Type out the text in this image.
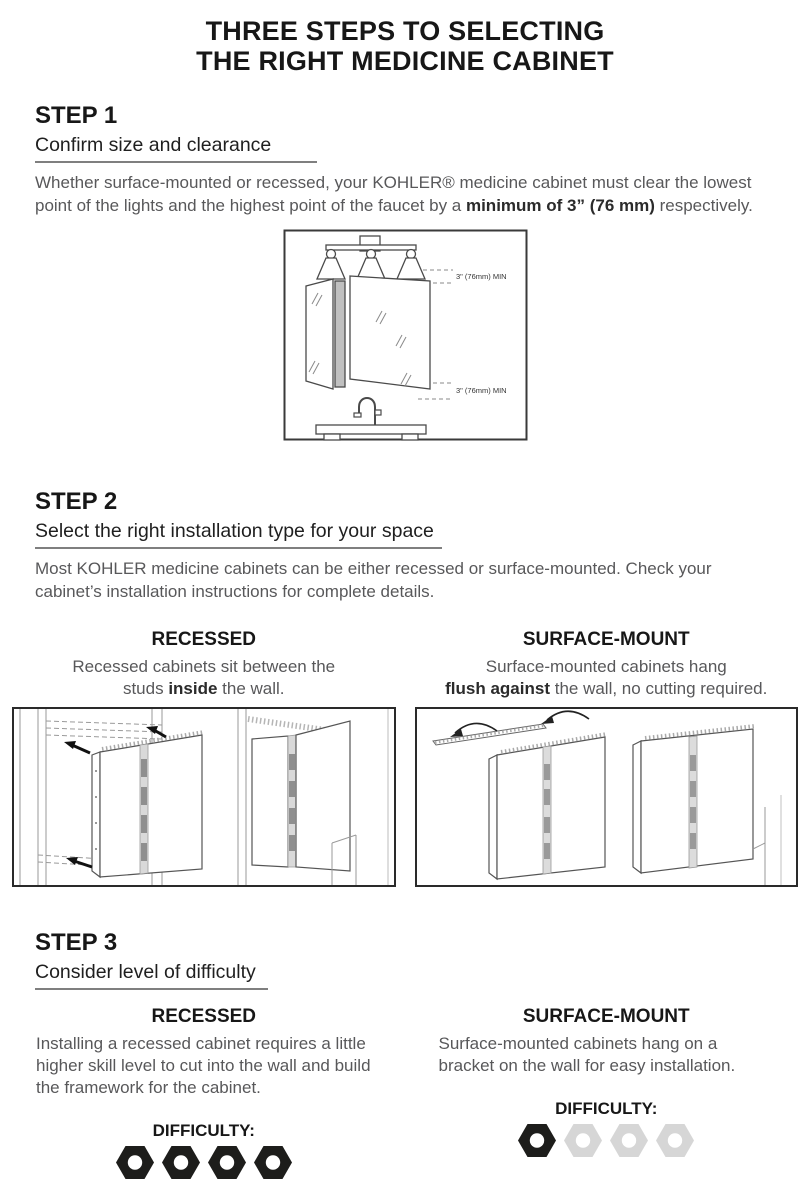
THREE STEPS TO SELECTING
THE RIGHT MEDICINE CABINET
STEP 1
Confirm size and clearance

Whether surface-mounted or recessed, your KOHLER® medicine cabinet must clear the lowest
point of the lights and the highest point of the faucet by a minimum of 3” (76 mm) respectively.

3" (76mm) MIN
3" (76mm) MIN
STEP 2
Select the right installation type for your space

Most KOHLER medicine cabinets can be either recessed or surface-mounted. Check your
cabinet’s installation instructions for complete details.

RECESSED

Recessed cabinets sit between the
studs inside the wall.

SURFACE-MOUNT

Surface-mounted cabinets hang
flush against the wall, no cutting required.

STEP 3
Consider level of difficulty
RECESSED

Installing a recessed cabinet requires a little
higher skill level to cut into the wall and build
the framework for the cabinet.

DIFFICULTY:
SURFACE-MOUNT

Surface-mounted cabinets hang on a
bracket on the wall for easy installation.

DIFFICULTY:
